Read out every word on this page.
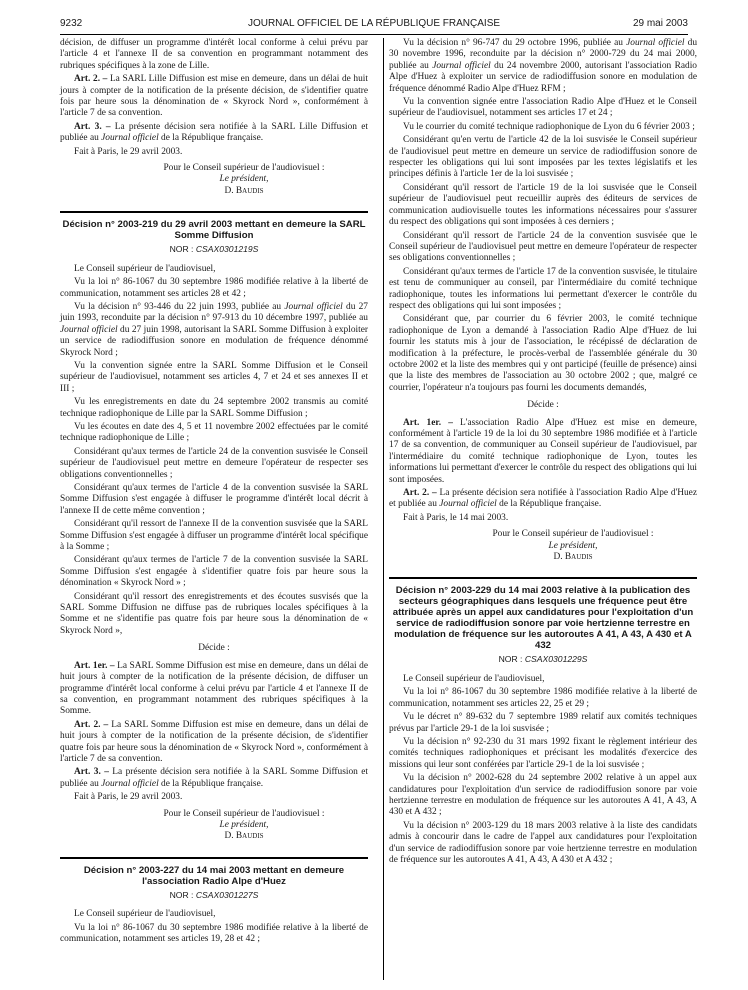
9232	JOURNAL OFFICIEL DE LA RÉPUBLIQUE FRANÇAISE	29 mai 2003

décision, de diffuser un programme d'intérêt local conforme à celui prévu par l'article 4 et l'annexe II de sa convention en programmant notamment des rubriques spécifiques à la zone de Lille.

Art. 2. – La SARL Lille Diffusion est mise en demeure, dans un délai de huit jours à compter de la notification de la présente décision, de s'identifier quatre fois par heure sous la dénomination de « Skyrock Nord », conformément à l'article 7 de sa convention.

Art. 3. – La présente décision sera notifiée à la SARL Lille Diffusion et publiée au Journal officiel de la République française.

Fait à Paris, le 29 avril 2003.

Pour le Conseil supérieur de l'audiovisuel :
Le président,
D. Baudis
Décision n° 2003-219 du 29 avril 2003 mettant en demeure la SARL Somme Diffusion
NOR : CSAX0301219S

Le Conseil supérieur de l'audiovisuel,

Vu la loi n° 86-1067 du 30 septembre 1986 modifiée relative à la liberté de communication, notamment ses articles 28 et 42 ;

Vu la décision n° 93-446 du 22 juin 1993, publiée au Journal officiel du 27 juin 1993, reconduite par la décision n° 97-913 du 10 décembre 1997, publiée au Journal officiel du 27 juin 1998, autorisant la SARL Somme Diffusion à exploiter un service de radiodiffusion sonore en modulation de fréquence dénommé Skyrock Nord ;

Vu la convention signée entre la SARL Somme Diffusion et le Conseil supérieur de l'audiovisuel, notamment ses articles 4, 7 et 24 et ses annexes II et III ;

Vu les enregistrements en date du 24 septembre 2002 transmis au comité technique radiophonique de Lille par la SARL Somme Diffusion ;

Vu les écoutes en date des 4, 5 et 11 novembre 2002 effectuées par le comité technique radiophonique de Lille ;

Considérant qu'aux termes de l'article 24 de la convention susvisée le Conseil supérieur de l'audiovisuel peut mettre en demeure l'opérateur de respecter ses obligations conventionnelles ;

Considérant qu'aux termes de l'article 4 de la convention susvisée la SARL Somme Diffusion s'est engagée à diffuser le programme d'intérêt local décrit à l'annexe II de cette même convention ;

Considérant qu'il ressort de l'annexe II de la convention susvisée que la SARL Somme Diffusion s'est engagée à diffuser un programme d'intérêt local spécifique à la Somme ;

Considérant qu'aux termes de l'article 7 de la convention susvisée la SARL Somme Diffusion s'est engagée à s'identifier quatre fois par heure sous la dénomination « Skyrock Nord » ;

Considérant qu'il ressort des enregistrements et des écoutes susvisés que la SARL Somme Diffusion ne diffuse pas de rubriques locales spécifiques à la Somme et ne s'identifie pas quatre fois par heure sous la dénomination de « Skyrock Nord »,

Décide :

Art. 1er. – La SARL Somme Diffusion est mise en demeure, dans un délai de huit jours à compter de la notification de la présente décision, de diffuser un programme d'intérêt local conforme à celui prévu par l'article 4 et l'annexe II de sa convention, en programmant notamment des rubriques spécifiques à la Somme.

Art. 2. – La SARL Somme Diffusion est mise en demeure, dans un délai de huit jours à compter de la notification de la présente décision, de s'identifier quatre fois par heure sous la dénomination de « Skyrock Nord », conformément à l'article 7 de sa convention.

Art. 3. – La présente décision sera notifiée à la SARL Somme Diffusion et publiée au Journal officiel de la République française.

Fait à Paris, le 29 avril 2003.

Pour le Conseil supérieur de l'audiovisuel :
Le président,
D. Baudis
Décision n° 2003-227 du 14 mai 2003 mettant en demeure l'association Radio Alpe d'Huez
NOR : CSAX0301227S

Le Conseil supérieur de l'audiovisuel,

Vu la loi n° 86-1067 du 30 septembre 1986 modifiée relative à la liberté de communication, notamment ses articles 19, 28 et 42 ;

Vu la décision n° 96-747 du 29 octobre 1996, publiée au Journal officiel du 30 novembre 1996, reconduite par la décision n° 2000-729 du 24 mai 2000, publiée au Journal officiel du 24 novembre 2000, autorisant l'association Radio Alpe d'Huez à exploiter un service de radiodiffusion sonore en modulation de fréquence dénommé Radio Alpe d'Huez RFM ;

Vu la convention signée entre l'association Radio Alpe d'Huez et le Conseil supérieur de l'audiovisuel, notamment ses articles 17 et 24 ;

Vu le courrier du comité technique radiophonique de Lyon du 6 février 2003 ;

Considérant qu'en vertu de l'article 42 de la loi susvisée le Conseil supérieur de l'audiovisuel peut mettre en demeure un service de radiodiffusion sonore de respecter les obligations qui lui sont imposées par les textes législatifs et les principes définis à l'article 1er de la loi susvisée ;

Considérant qu'il ressort de l'article 19 de la loi susvisée que le Conseil supérieur de l'audiovisuel peut recueillir auprès des éditeurs de services de communication audiovisuelle toutes les informations nécessaires pour s'assurer du respect des obligations qui sont imposées à ces derniers ;

Considérant qu'il ressort de l'article 24 de la convention susvisée que le Conseil supérieur de l'audiovisuel peut mettre en demeure l'opérateur de respecter ses obligations conventionnelles ;

Considérant qu'aux termes de l'article 17 de la convention susvisée, le titulaire est tenu de communiquer au conseil, par l'intermédiaire du comité technique radiophonique, toutes les informations lui permettant d'exercer le contrôle du respect des obligations qui lui sont imposées ;

Considérant que, par courrier du 6 février 2003, le comité technique radiophonique de Lyon a demandé à l'association Radio Alpe d'Huez de lui fournir les statuts mis à jour de l'association, le récépissé de déclaration de modification à la préfecture, le procès-verbal de l'assemblée générale du 30 octobre 2002 et la liste des membres qui y ont participé (feuille de présence) ainsi que la liste des membres de l'association au 30 octobre 2002 ; que, malgré ce courrier, l'opérateur n'a toujours pas fourni les documents demandés,

Décide :

Art. 1er. – L'association Radio Alpe d'Huez est mise en demeure, conformément à l'article 19 de la loi du 30 septembre 1986 modifiée et à l'article 17 de sa convention, de communiquer au Conseil supérieur de l'audiovisuel, par l'intermédiaire du comité technique radiophonique de Lyon, toutes les informations lui permettant d'exercer le contrôle du respect des obligations qui lui sont imposées.

Art. 2. – La présente décision sera notifiée à l'association Radio Alpe d'Huez et publiée au Journal officiel de la République française.

Fait à Paris, le 14 mai 2003.

Pour le Conseil supérieur de l'audiovisuel :
Le président,
D. Baudis
Décision n° 2003-229 du 14 mai 2003 relative à la publication des secteurs géographiques dans lesquels une fréquence peut être attribuée après un appel aux candidatures pour l'exploitation d'un service de radiodiffusion sonore par voie hertzienne terrestre en modulation de fréquence sur les autoroutes A 41, A 43, A 430 et A 432
NOR : CSAX0301229S

Le Conseil supérieur de l'audiovisuel,

Vu la loi n° 86-1067 du 30 septembre 1986 modifiée relative à la liberté de communication, notamment ses articles 22, 25 et 29 ;

Vu le décret n° 89-632 du 7 septembre 1989 relatif aux comités techniques prévus par l'article 29-1 de la loi susvisée ;

Vu la décision n° 92-230 du 31 mars 1992 fixant le règlement intérieur des comités techniques radiophoniques et précisant les modalités d'exercice des missions qui leur sont conférées par l'article 29-1 de la loi susvisée ;

Vu la décision n° 2002-628 du 24 septembre 2002 relative à un appel aux candidatures pour l'exploitation d'un service de radiodiffusion sonore par voie hertzienne terrestre en modulation de fréquence sur les autoroutes A 41, A 43, A 430 et A 432 ;

Vu la décision n° 2003-129 du 18 mars 2003 relative à la liste des candidats admis à concourir dans le cadre de l'appel aux candidatures pour l'exploitation d'un service de radiodiffusion sonore par voie hertzienne terrestre en modulation de fréquence sur les autoroutes A 41, A 43, A 430 et A 432 ;
